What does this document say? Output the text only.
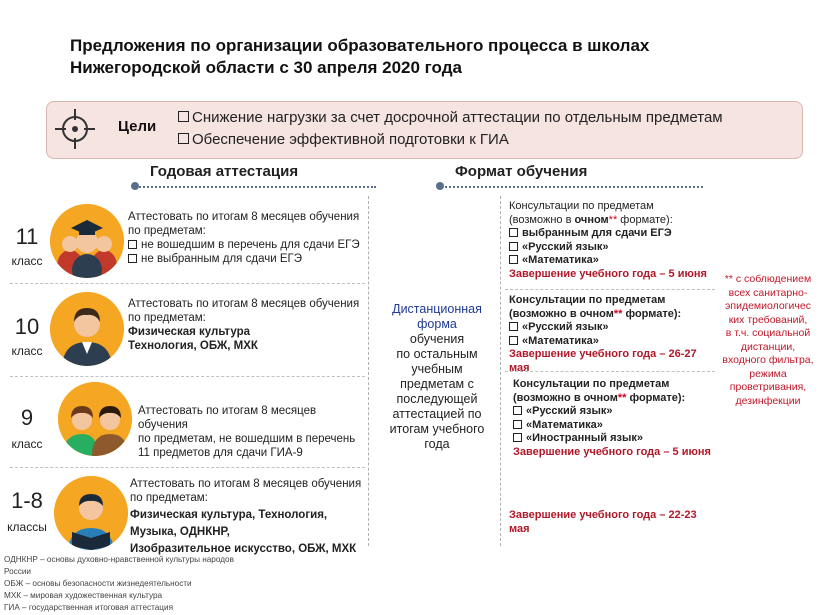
Предложения по организации образовательного процесса в школах
Нижегородской области с 30 апреля 2020 года
Цели
Снижение нагрузки за счет досрочной аттестации по отдельным предметам
Обеспечение эффективной подготовки к ГИА
Годовая аттестация	Формат обучения
11
класс
Аттестовать по итогам 8 месяцев обучения
по предметам:
не вошедшим в перечень для сдачи ЕГЭ
не выбранным для сдачи ЕГЭ
10
класс
Аттестовать по итогам 8 месяцев обучения
по предметам:
Физическая культура
Технология, ОБЖ, МХК
9
класс
Аттестовать по итогам 8 месяцев обучения
по предметам, не вошедшим в перечень
11 предметов для сдачи ГИА-9
1-8
классы
Аттестовать по итогам 8 месяцев обучения
по предметам:
Физическая культура, Технология,
Музыка, ОДНКНР,
Изобразительное искусство, ОБЖ, МХК
Дистанционная
форма
обучения
по остальным
учебным
предметам с
последующей
аттестацией по
итогам учебного
года
Консультации по предметам
(возможно в очном** формате):
выбранным для сдачи ЕГЭ
«Русский язык»
«Математика»
Завершение учебного года – 5 июня
Консультации по предметам
(возможно в очном** формате):
«Русский язык»
«Математика»
Завершение учебного года – 26-27 мая
Консультации по предметам
(возможно в очном** формате):
«Русский язык»
«Математика»
«Иностранный язык»
Завершение учебного года – 5 июня
Завершение учебного года – 22-23 мая
** с соблюдением
всех санитарно-
эпидемиологичес
ких требований,
в т.ч. социальной
дистанции,
входного фильтра,
режима
проветривания,
дезинфекции
ОДНКНР – основы духовно-нравственной культуры народов
России
ОБЖ – основы безопасности жизнедеятельности
МХК – мировая художественная культура
ГИА – государственная итоговая аттестация
